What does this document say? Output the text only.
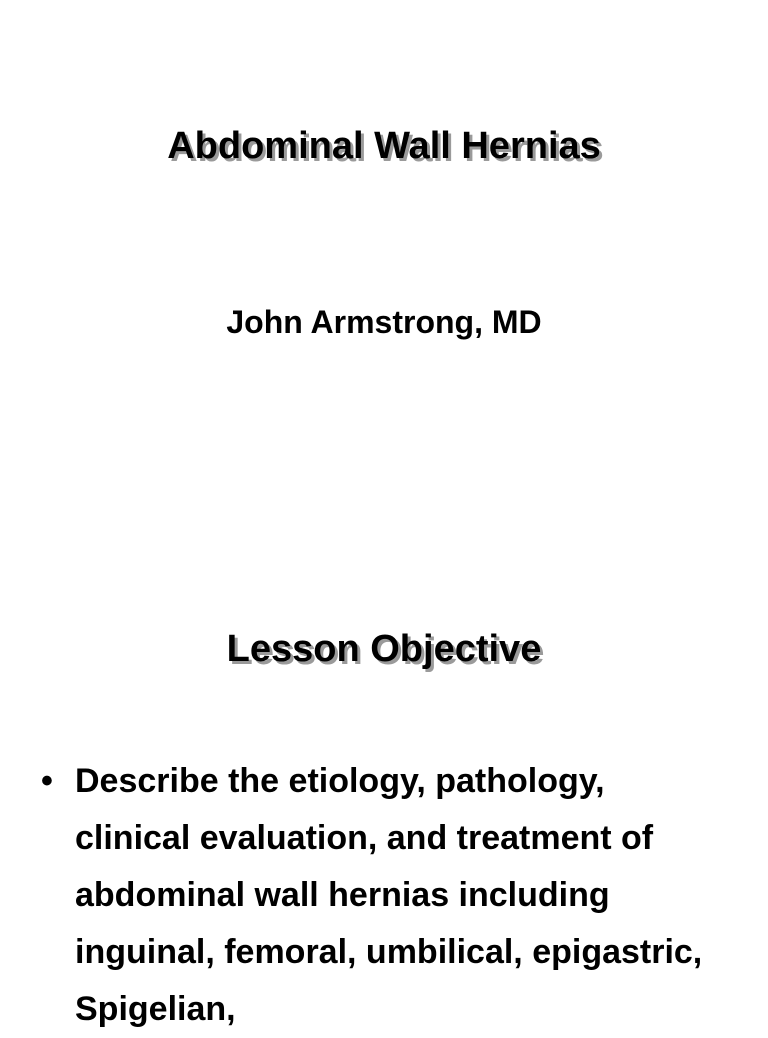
Abdominal Wall Hernias

John Armstrong, MD

Lesson Objective
• Describe the etiology, pathology, clinical evaluation, and treatment of abdominal wall hernias including inguinal, femoral, umbilical, epigastric, Spigelian,
